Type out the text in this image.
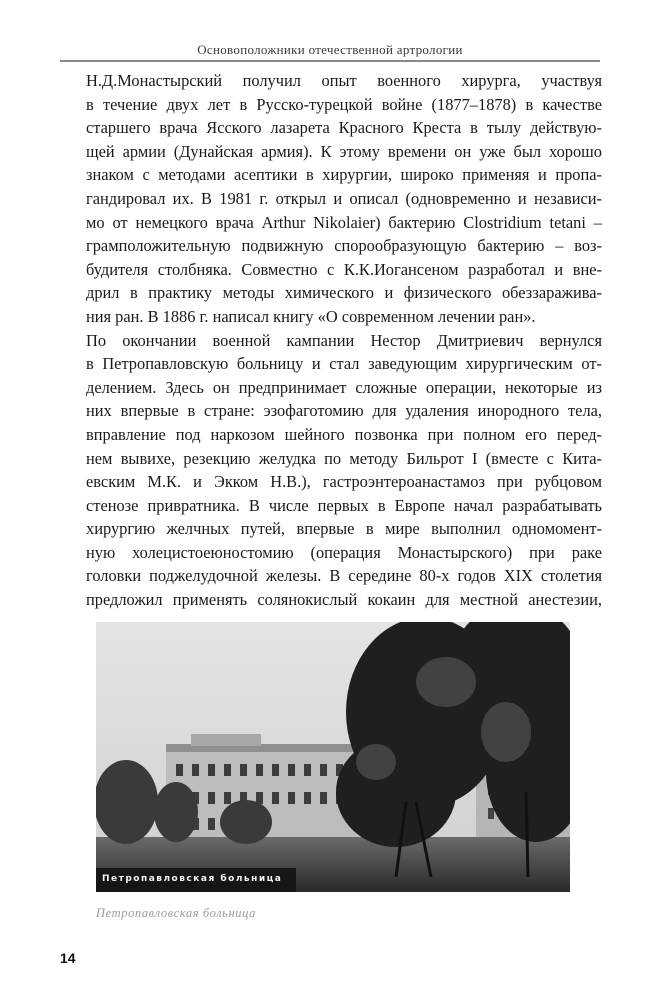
Основоположники отечественной артрологии

Н.Д.Монастырский получил опыт военного хирурга, участвуя
в течение двух лет в Русско-турецкой войне (1877–1878) в качестве
старшего врача Яcского лазарета Красного Креста в тылу действую-
щей армии (Дунайская армия). К этому времени он уже был хорошо
знаком с методами асептики в хирургии, широко применяя и пропа-
гандировал их. В 1981 г. открыл и описал (одновременно и независи-
мо от немецкого врача Arthur Nikolaier) бактерию Clostridium tetani –
грамположительную подвижную спорообразующую бактерию – воз-
будителя столбняка. Совместно с К.К.Иогансеном разработал и вне-
дрил в практику методы химического и физического обеззаражива-
ния ран. В 1886 г. написал книгу «О современном лечении ран».

По окончании военной кампании Нестор Дмитриевич вернулся
в Петропавловскую больницу и стал заведующим хирургическим от-
делением. Здесь он предпринимает сложные операции, некоторые из
них впервые в стране: эзофаготомию для удаления инородного тела,
вправление под наркозом шейного позвонка при полном его перед-
нем вывихе, резекцию желудка по методу Бильрот I (вместе с Кита-
евским М.К. и Экком Н.В.), гастроэнтероанастамоз при рубцовом
стенозе привратника. В числе первых в Европе начал разрабатывать
хирургию желчных путей, впервые в мире выполнил одномомент-
ную холецистоеюностомию (операция Монастырского) при раке
головки поджелудочной железы. В середине 80-х годов XIX столетия
предложил применять солянокислый кокаин для местной анестезии,

Петропавловская больница
Петропавловская больница
14
